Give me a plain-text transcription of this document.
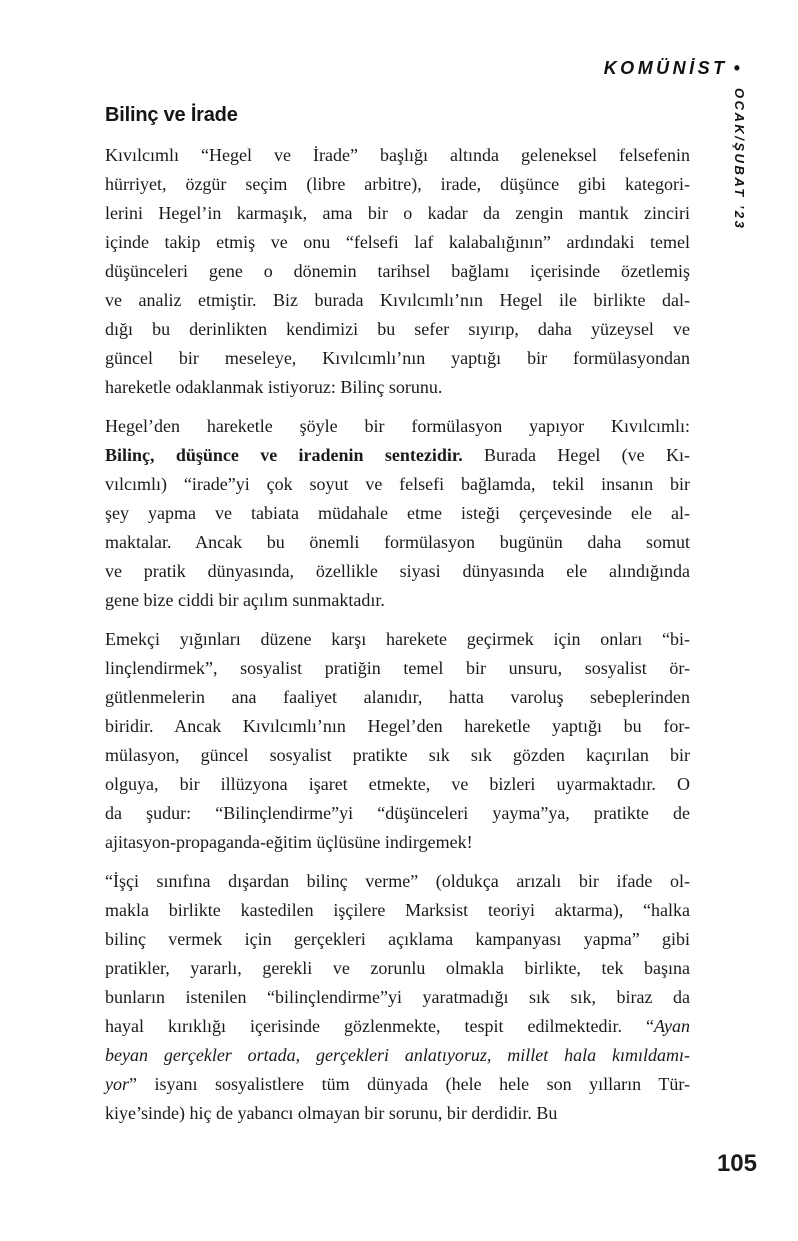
KOMÜNİST •
OCAK/ŞUBAT ’23
Bilinç ve İrade

Kıvılcımlı “Hegel ve İrade” başlığı altında geleneksel felsefenin
hürriyet, özgür seçim (libre arbitre), irade, düşünce gibi kategori-
lerini Hegel’in karmaşık, ama bir o kadar da zengin mantık zinciri
içinde takip etmiş ve onu “felsefi laf kalabalığının” ardındaki temel
düşünceleri gene o dönemin tarihsel bağlamı içerisinde özetlemiş
ve analiz etmiştir. Biz burada Kıvılcımlı’nın Hegel ile birlikte dal-
dığı bu derinlikten kendimizi bu sefer sıyırıp, daha yüzeysel ve
güncel bir meseleye, Kıvılcımlı’nın yaptığı bir formülasyondan
hareketle odaklanmak istiyoruz: Bilinç sorunu.

Hegel’den hareketle şöyle bir formülasyon yapıyor Kıvılcımlı:
Bilinç, düşünce ve iradenin sentezidir. Burada Hegel (ve Kı-
vılcımlı) “irade”yi çok soyut ve felsefi bağlamda, tekil insanın bir
şey yapma ve tabiata müdahale etme isteği çerçevesinde ele al-
maktalar. Ancak bu önemli formülasyon bugünün daha somut
ve pratik dünyasında, özellikle siyasi dünyasında ele alındığında
gene bize ciddi bir açılım sunmaktadır.

Emekçi yığınları düzene karşı harekete geçirmek için onları “bi-
linçlendirmek”, sosyalist pratiğin temel bir unsuru, sosyalist ör-
gütlenmelerin ana faaliyet alanıdır, hatta varoluş sebeplerinden
biridir. Ancak Kıvılcımlı’nın Hegel’den hareketle yaptığı bu for-
mülasyon, güncel sosyalist pratikte sık sık gözden kaçırılan bir
olguya, bir illüzyona işaret etmekte, ve bizleri uyarmaktadır. O
da şudur: “Bilinçlendirme”yi “düşünceleri yayma”ya, pratikte de
ajitasyon-propaganda-eğitim üçlüsüne indirgemek!

“İşçi sınıfına dışardan bilinç verme” (oldukça arızalı bir ifade ol-
makla birlikte kastedilen işçilere Marksist teoriyi aktarma), “halka
bilinç vermek için gerçekleri açıklama kampanyası yapma” gibi
pratikler, yararlı, gerekli ve zorunlu olmakla birlikte, tek başına
bunların istenilen “bilinçlendirme”yi yaratmadığı sık sık, biraz da
hayal kırıklığı içerisinde gözlenmekte, tespit edilmektedir. “Ayan
beyan gerçekler ortada, gerçekleri anlatıyoruz, millet hala kımıldamı-
yor” isyanı sosyalistlere tüm dünyada (hele hele son yılların Tür-
kiye’sinde) hiç de yabancı olmayan bir sorunu, bir derdidir. Bu

105
